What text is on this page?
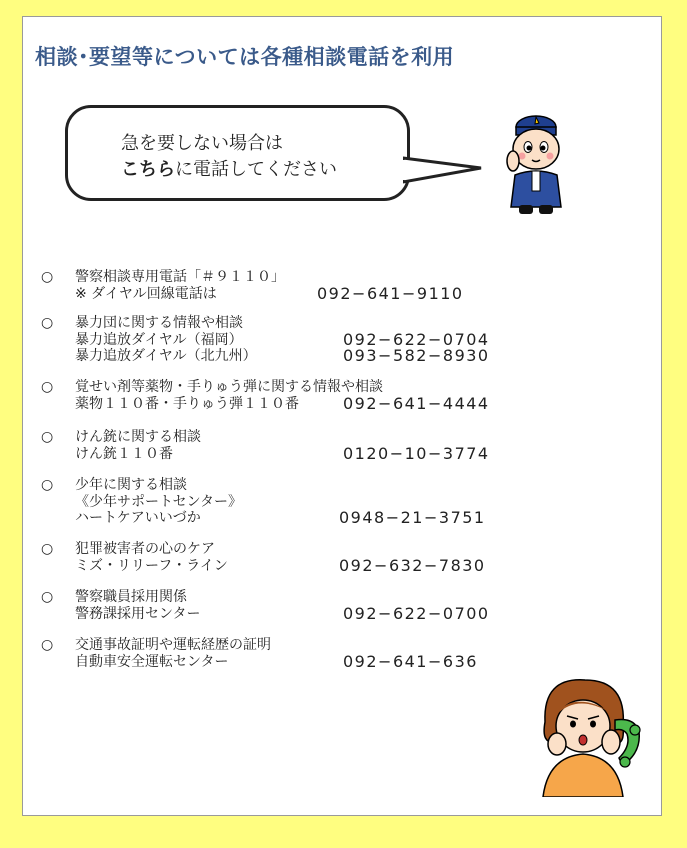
相談･要望等については各種相談電話を利用
急を要しない場合は
こちらに電話してください
○ 警察相談専用電話「＃９１１０」
※ ダイヤル回線電話は	092−641−9110
○ 暴力団に関する情報や相談
暴力追放ダイヤル（福岡）	092−622−0704
暴力追放ダイヤル（北九州）	093−582−8930
○ 覚せい剤等薬物・手りゅう弾に関する情報や相談
薬物１１０番・手りゅう弾１１０番	092−641−4444
○ けん銃に関する相談
けん銃１１０番	0120−10−3774
○ 少年に関する相談
《少年サポートセンター》
ハートケアいいづか	0948−21−3751
○ 犯罪被害者の心のケア
ミズ・リリーフ・ライン	092−632−7830
○ 警察職員採用関係
警務課採用センター	092−622−0700
○ 交通事故証明や運転経歴の証明
自動車安全運転センター	092−641−636
